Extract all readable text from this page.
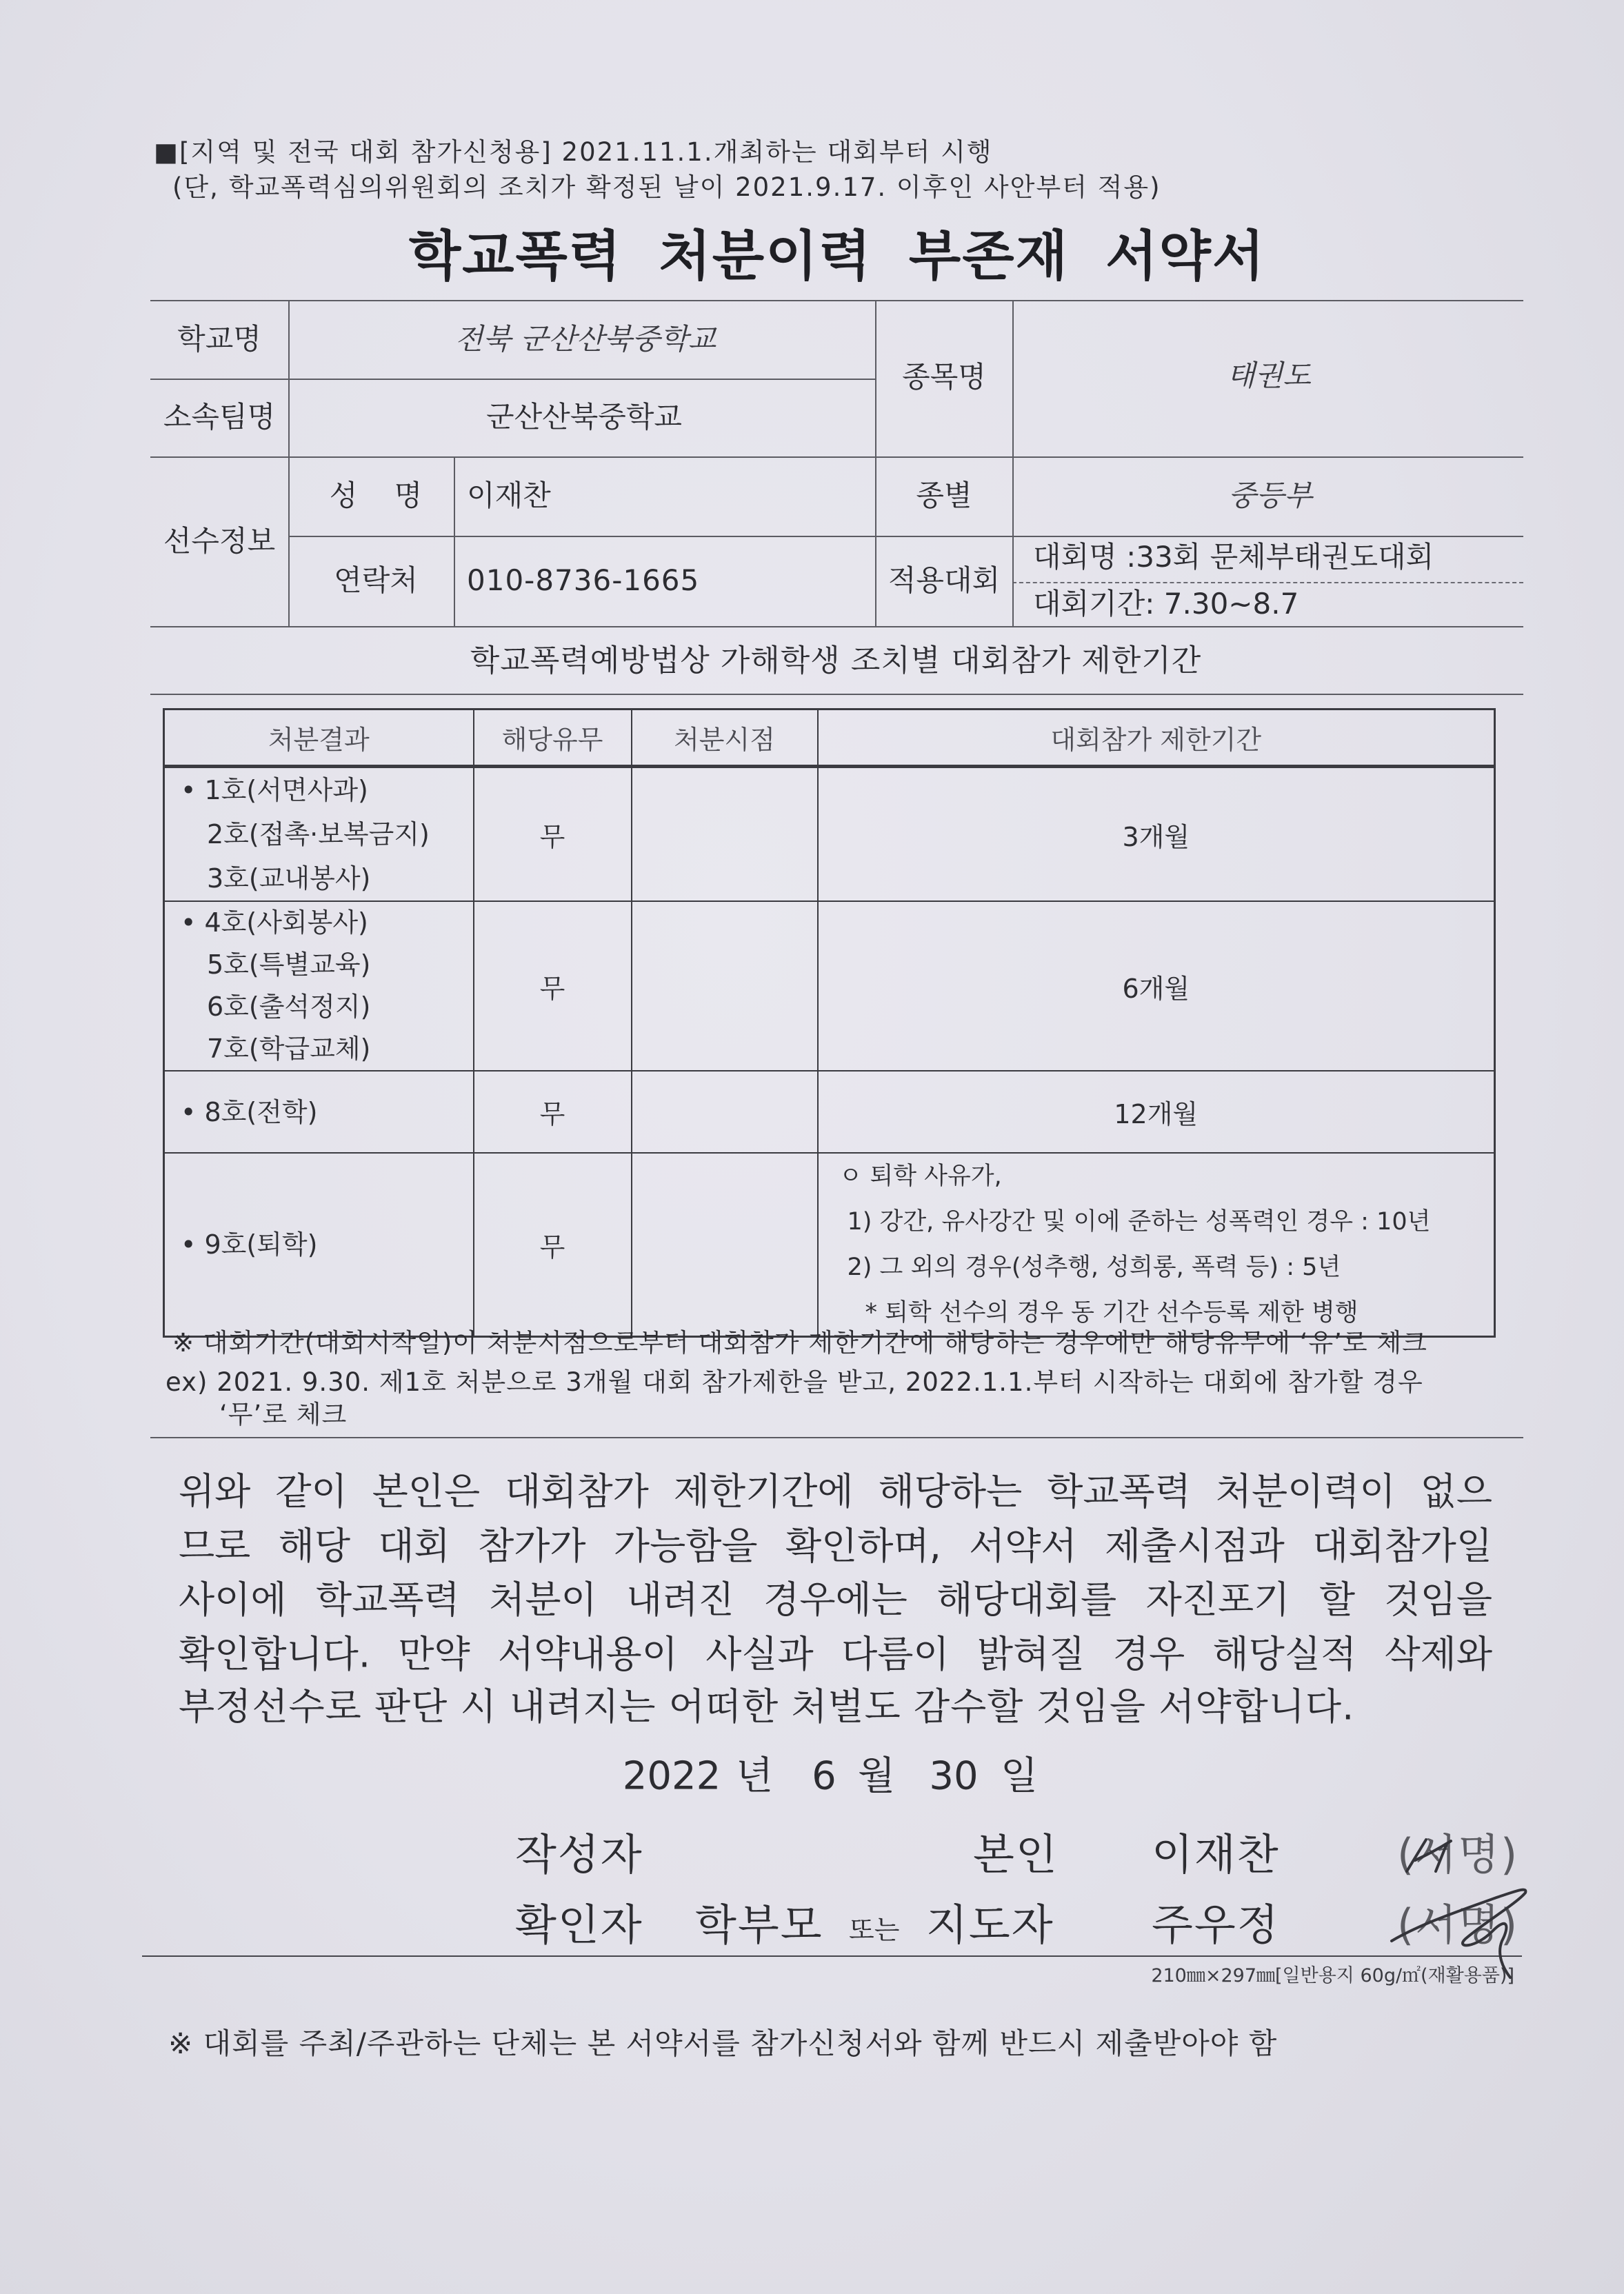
■[지역 및 전국 대회 참가신청용] 2021.11.1.개최하는 대회부터 시행
(단, 학교폭력심의위원회의 조치가 확정된 날이 2021.9.17. 이후인 사안부터 적용)
학교폭력 처분이력 부존재 서약서
학교명	전북 군산산북중학교
소속팀명	군산산북중학교
종목명	태권도
선수정보
성 명 이재찬
연락처 010-8736-1665
종별	중등부
적용대회
대회명 :33회 문체부태권도대회
대회기간: 7.30~8.7
학교폭력예방법상 가해학생 조치별 대회참가 제한기간
처분결과	해당유무	처분시점	대회참가 제한기간

• 1호(서면사과)
2호(접촉·보복금지)
3호(교내봉사)	무		3개월

• 4호(사회봉사)
5호(특별교육)
6호(출석정지)
7호(학급교체)	무		6개월

• 8호(전학)	무		12개월

• 9호(퇴학)	무		ㅇ 퇴학 사유가,
1) 강간, 유사강간 및 이에 준하는 성폭력인 경우 : 10년
2) 그 외의 경우(성추행, 성희롱, 폭력 등) : 5년
* 퇴학 선수의 경우 동 기간 선수등록 제한 병행
※ 대회기간(대회시작일)이 처분시점으로부터 대회참가 제한기간에 해당하는 경우에만 해당유무에 ‘유’로 체크
ex) 2021. 9.30. 제1호 처분으로 3개월 대회 참가제한을 받고, 2022.1.1.부터 시작하는 대회에 참가할 경우
‘무’로 체크
위와 같이 본인은 대회참가 제한기간에 해당하는 학교폭력 처분이력이 없으
므로 해당 대회 참가가 가능함을 확인하며, 서약서 제출시점과 대회참가일
사이에 학교폭력 처분이 내려진 경우에는 해당대회를 자진포기 할 것임을
확인합니다. 만약 서약내용이 사실과 다름이 밝혀질 경우 해당실적 삭제와
부정선수로 판단 시 내려지는 어떠한 처벌도 감수할 것임을 서약합니다.
2022 년 6 월 30 일
작성자	본인 이재찬	(서명)
확인자 학부모 또는 지도자 주우정	(서명)
210㎜×297㎜[일반용지 60g/㎡(재활용품)]
※ 대회를 주최/주관하는 단체는 본 서약서를 참가신청서와 함께 반드시 제출받아야 함
